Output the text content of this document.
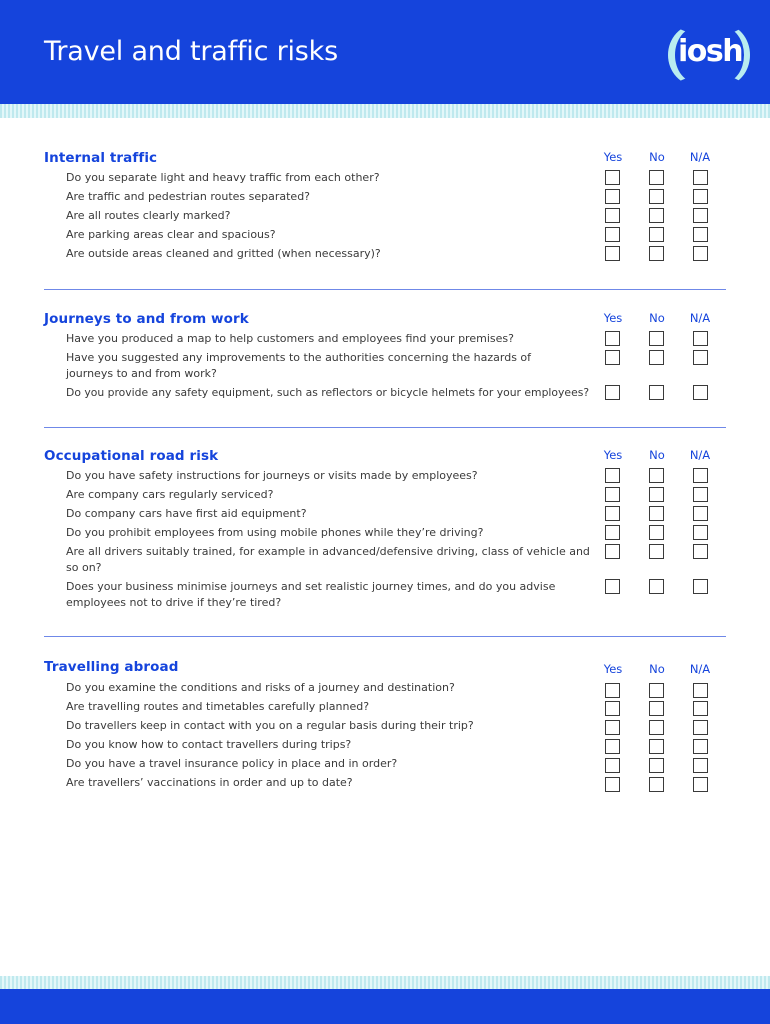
Travel and traffic risks	iosh
Internal traffic	Yes	No	N/A
Do you separate light and heavy traffic from each other?
Are traffic and pedestrian routes separated?
Are all routes clearly marked?
Are parking areas clear and spacious?
Are outside areas cleaned and gritted (when necessary)?
Journeys to and from work	Yes	No	N/A
Have you produced a map to help customers and employees find your premises?
Have you suggested any improvements to the authorities concerning the hazards of journeys to and from work?
Do you provide any safety equipment, such as reflectors or bicycle helmets for your employees?
Occupational road risk	Yes	No	N/A
Do you have safety instructions for journeys or visits made by employees?
Are company cars regularly serviced?
Do company cars have first aid equipment?
Do you prohibit employees from using mobile phones while they’re driving?
Are all drivers suitably trained, for example in advanced/defensive driving, class of vehicle and so on?
Does your business minimise journeys and set realistic journey times, and do you advise employees not to drive if they’re tired?
Travelling abroad	Yes	No	N/A
Do you examine the conditions and risks of a journey and destination?
Are travelling routes and timetables carefully planned?
Do travellers keep in contact with you on a regular basis during their trip?
Do you know how to contact travellers during trips?
Do you have a travel insurance policy in place and in order?
Are travellers’ vaccinations in order and up to date?
